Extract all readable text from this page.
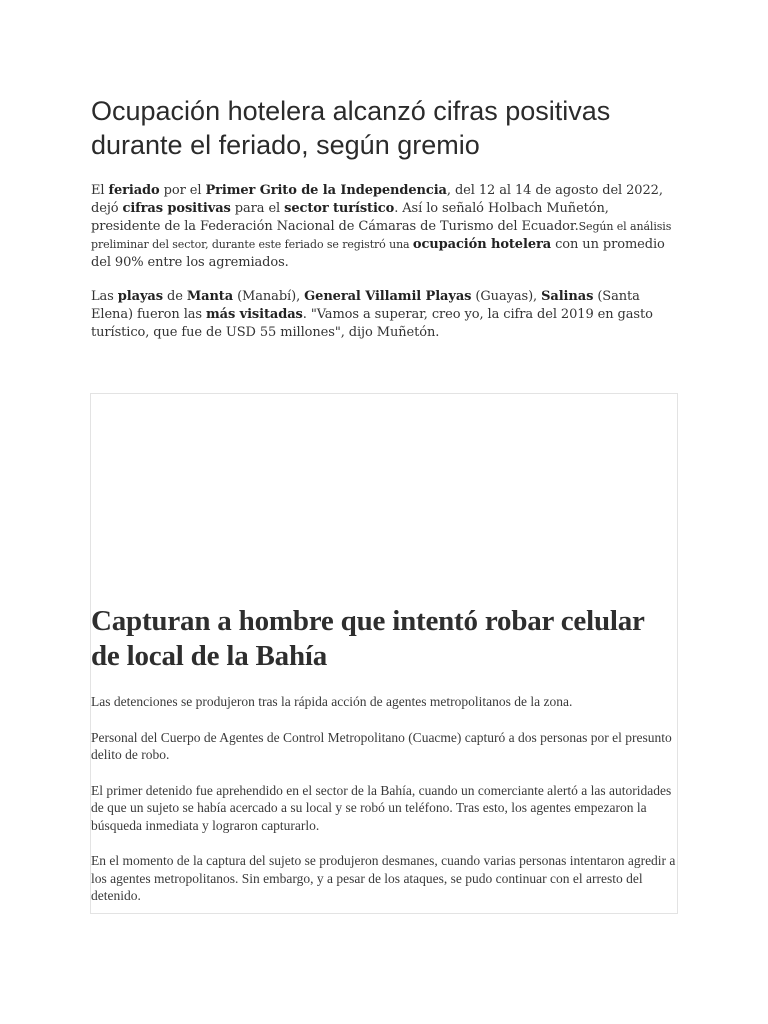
Ocupación hotelera alcanzó cifras positivas durante el feriado, según gremio

El feriado por el Primer Grito de la Independencia, del 12 al 14 de agosto del 2022, dejó cifras positivas para el sector turístico. Así lo señaló Holbach Muñetón, presidente de la Federación Nacional de Cámaras de Turismo del Ecuador.Según el análisis preliminar del sector, durante este feriado se registró una ocupación hotelera con un promedio del 90% entre los agremiados.

Las playas de Manta (Manabí), General Villamil Playas (Guayas), Salinas (Santa Elena) fueron las más visitadas. "Vamos a superar, creo yo, la cifra del 2019 en gasto turístico, que fue de USD 55 millones", dijo Muñetón.

Capturan a hombre que intentó robar celular de local de la Bahía

Las detenciones se produjeron tras la rápida acción de agentes metropolitanos de la zona.

Personal del Cuerpo de Agentes de Control Metropolitano (Cuacme) capturó a dos personas por el presunto delito de robo.

El primer detenido fue aprehendido en el sector de la Bahía, cuando un comerciante alertó a las autoridades de que un sujeto se había acercado a su local y se robó un teléfono. Tras esto, los agentes empezaron la búsqueda inmediata y lograron capturarlo.

En el momento de la captura del sujeto se produjeron desmanes, cuando varias personas intentaron agredir a los agentes metropolitanos. Sin embargo, y a pesar de los ataques, se pudo continuar con el arresto del detenido.
